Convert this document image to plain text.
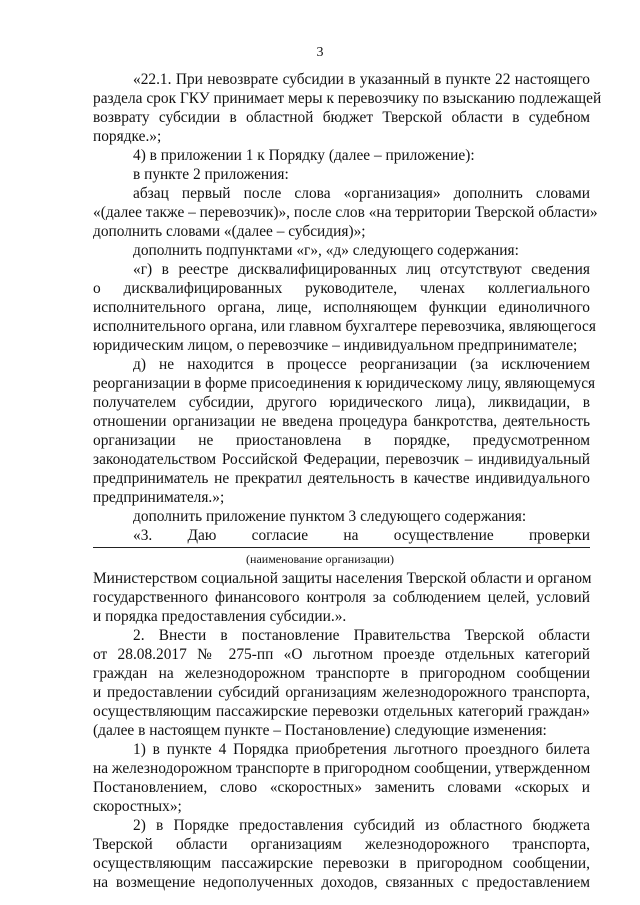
3
«22.1. При невозврате субсидии в указанный в пункте 22 настоящего
раздела срок ГКУ принимает меры к перевозчику по взысканию подлежащей
возврату субсидии в областной бюджет Тверской области в судебном
порядке.»;
4) в приложении 1 к Порядку (далее – приложение):
в пункте 2 приложения:
абзац первый после слова «организация» дополнить словами
«(далее также – перевозчик)», после слов «на территории Тверской области»
дополнить словами «(далее – субсидия)»;
дополнить подпунктами «г», «д» следующего содержания:
«г) в реестре дисквалифицированных лиц отсутствуют сведения
о дисквалифицированных руководителе, членах коллегиального
исполнительного органа, лице, исполняющем функции единоличного
исполнительного органа, или главном бухгалтере перевозчика, являющегося
юридическим лицом, о перевозчике – индивидуальном предпринимателе;
д) не находится в процессе реорганизации (за исключением
реорганизации в форме присоединения к юридическому лицу, являющемуся
получателем субсидии, другого юридического лица), ликвидации, в
отношении организации не введена процедура банкротства, деятельность
организации не приостановлена в порядке, предусмотренном
законодательством Российской Федерации, перевозчик – индивидуальный
предприниматель не прекратил деятельность в качестве индивидуального
предпринимателя.»;
дополнить приложение пунктом 3 следующего содержания:
«3. Даю согласие на осуществление проверки
(наименование организации)
Министерством социальной защиты населения Тверской области и органом
государственного финансового контроля за соблюдением целей, условий
и порядка предоставления субсидии.».
2. Внести в постановление Правительства Тверской области
от 28.08.2017 № 275-пп «О льготном проезде отдельных категорий
граждан на железнодорожном транспорте в пригородном сообщении
и предоставлении субсидий организациям железнодорожного транспорта,
осуществляющим пассажирские перевозки отдельных категорий граждан»
(далее в настоящем пункте – Постановление) следующие изменения:
1) в пункте 4 Порядка приобретения льготного проездного билета
на железнодорожном транспорте в пригородном сообщении, утвержденном
Постановлением, слово «скоростных» заменить словами «скорых и
скоростных»;
2) в Порядке предоставления субсидий из областного бюджета
Тверской области организациям железнодорожного транспорта,
осуществляющим пассажирские перевозки в пригородном сообщении,
на возмещение недополученных доходов, связанных с предоставлением
